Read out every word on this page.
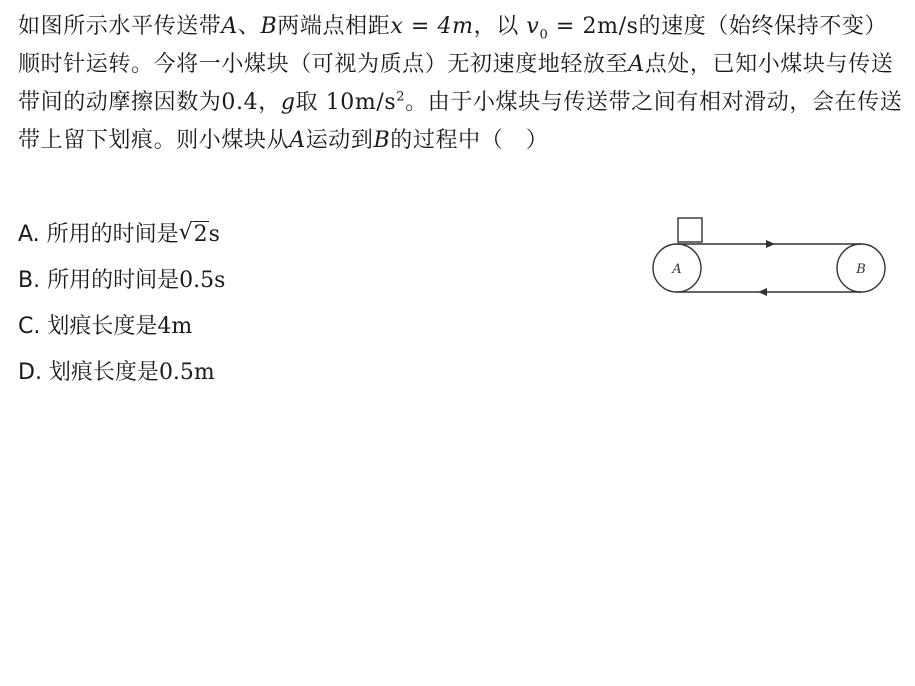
如图所示水平传送带A、B两端点相距x = 4m，以 $v_0 = 2m/s$的速度（始终保持不变）顺时针运转。今将一小煤块（可视为质点）无初速度地轻放至A点处，已知小煤块与传送带间的动摩擦因数为0.4，g取 $10m/s^2$。由于小煤块与传送带之间有相对滑动，会在传送带上留下划痕。则小煤块从A运动到B的过程中（　）

A. 所用的时间是 √ 2s
B. 所用的时间是0.5s
C. 划痕长度是4m
D. 划痕长度是0.5m
A	B
